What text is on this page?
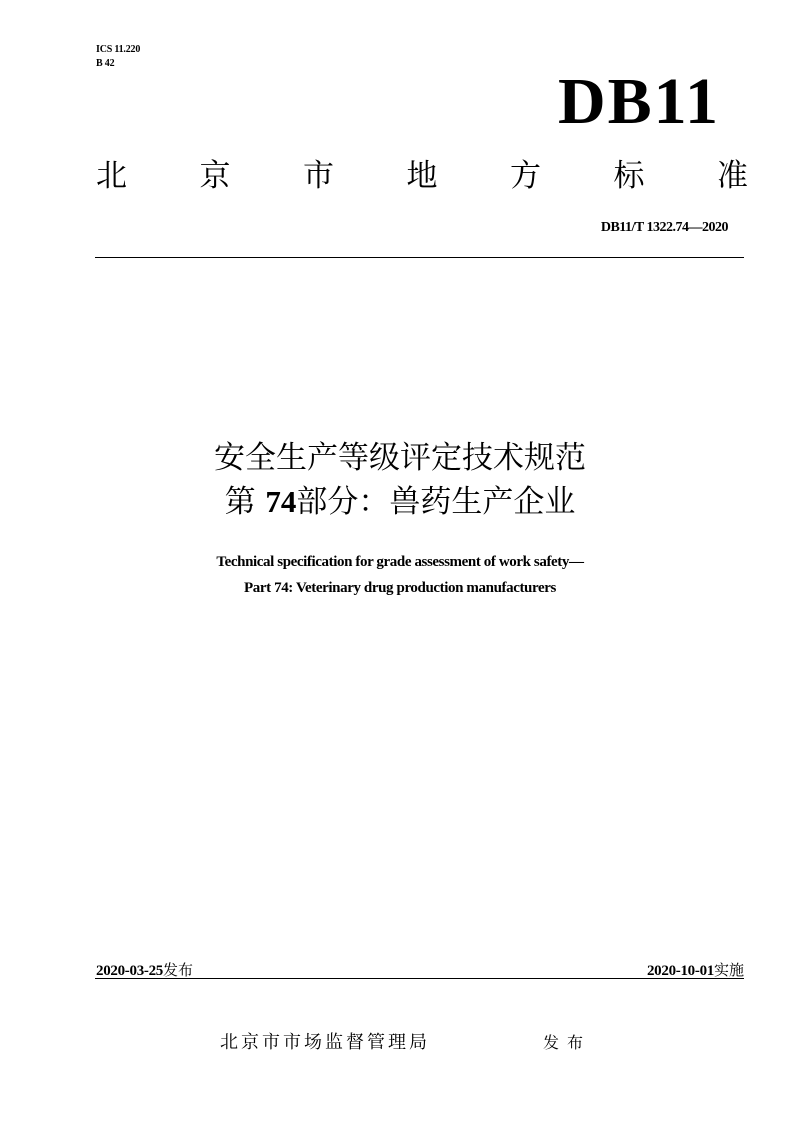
ICS 11.220
B 42
DB11
北 京 市 地 方 标 准
DB11/T 1322.74—2020
安全生产等级评定技术规范
第 74部分：兽药生产企业
Technical specification for grade assessment of work safety—
Part 74: Veterinary drug production manufacturers
2020-03-25发布	2020-10-01实施
北京市市场监督管理局	发布
